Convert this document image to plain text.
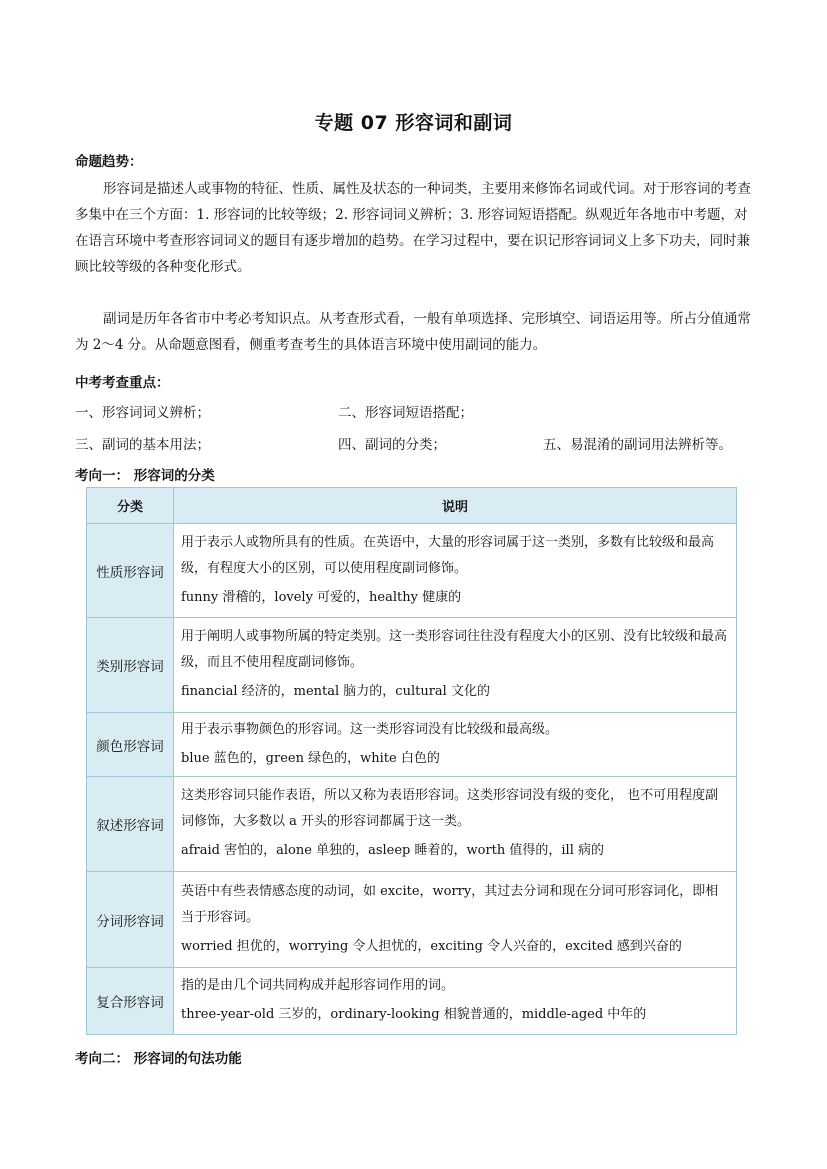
专题 07 形容词和副词
命题趋势：

形容词是描述人或事物的特征、性质、属性及状态的一种词类，主要用来修饰名词或代词。对于形容词的考查多集中在三个方面：1. 形容词的比较等级；2. 形容词词义辨析；3. 形容词短语搭配。纵观近年各地市中考题，对在语言环境中考查形容词词义的题目有逐步增加的趋势。在学习过程中，要在识记形容词词义上多下功夫，同时兼顾比较等级的各种变化形式。

副词是历年各省市中考必考知识点。从考查形式看，一般有单项选择、完形填空、词语运用等。所占分值通常为 2～4 分。从命题意图看，侧重考查考生的具体语言环境中使用副词的能力。

中考考查重点：
一、形容词词义辨析；	二、形容词短语搭配；
三、副词的基本用法；	四、副词的分类；	五、易混淆的副词用法辨析等。
考向一： 形容词的分类
分类	说明
性质形容词	用于表示人或物所具有的性质。在英语中，大量的形容词属于这一类别，多数有比较级和最高级，有程度大小的区别，可以使用程度副词修饰。
funny 滑稽的，lovely 可爱的，healthy 健康的

类别形容词	用于阐明人或事物所属的特定类别。这一类形容词往往没有程度大小的区别、没有比较级和最高级，而且不使用程度副词修饰。
financial 经济的，mental 脑力的，cultural 文化的

颜色形容词	用于表示事物颜色的形容词。这一类形容词没有比较级和最高级。
blue 蓝色的，green 绿色的，white 白色的

叙述形容词	这类形容词只能作表语，所以又称为表语形容词。这类形容词没有级的变化， 也不可用程度副词修饰，大多数以 a 开头的形容词都属于这一类。
afraid 害怕的，alone 单独的，asleep 睡着的，worth 值得的，ill 病的

分词形容词	英语中有些表情感态度的动词，如 excite，worry，其过去分词和现在分词可形容词化，即相当于形容词。
worried 担优的，worrying 令人担忧的，exciting 令人兴奋的，excited 感到兴奋的

复合形容词	指的是由几个词共同构成并起形容词作用的词。
three-year-old 三岁的，ordinary-looking 相貌普通的，middle-aged 中年的
考向二： 形容词的句法功能
